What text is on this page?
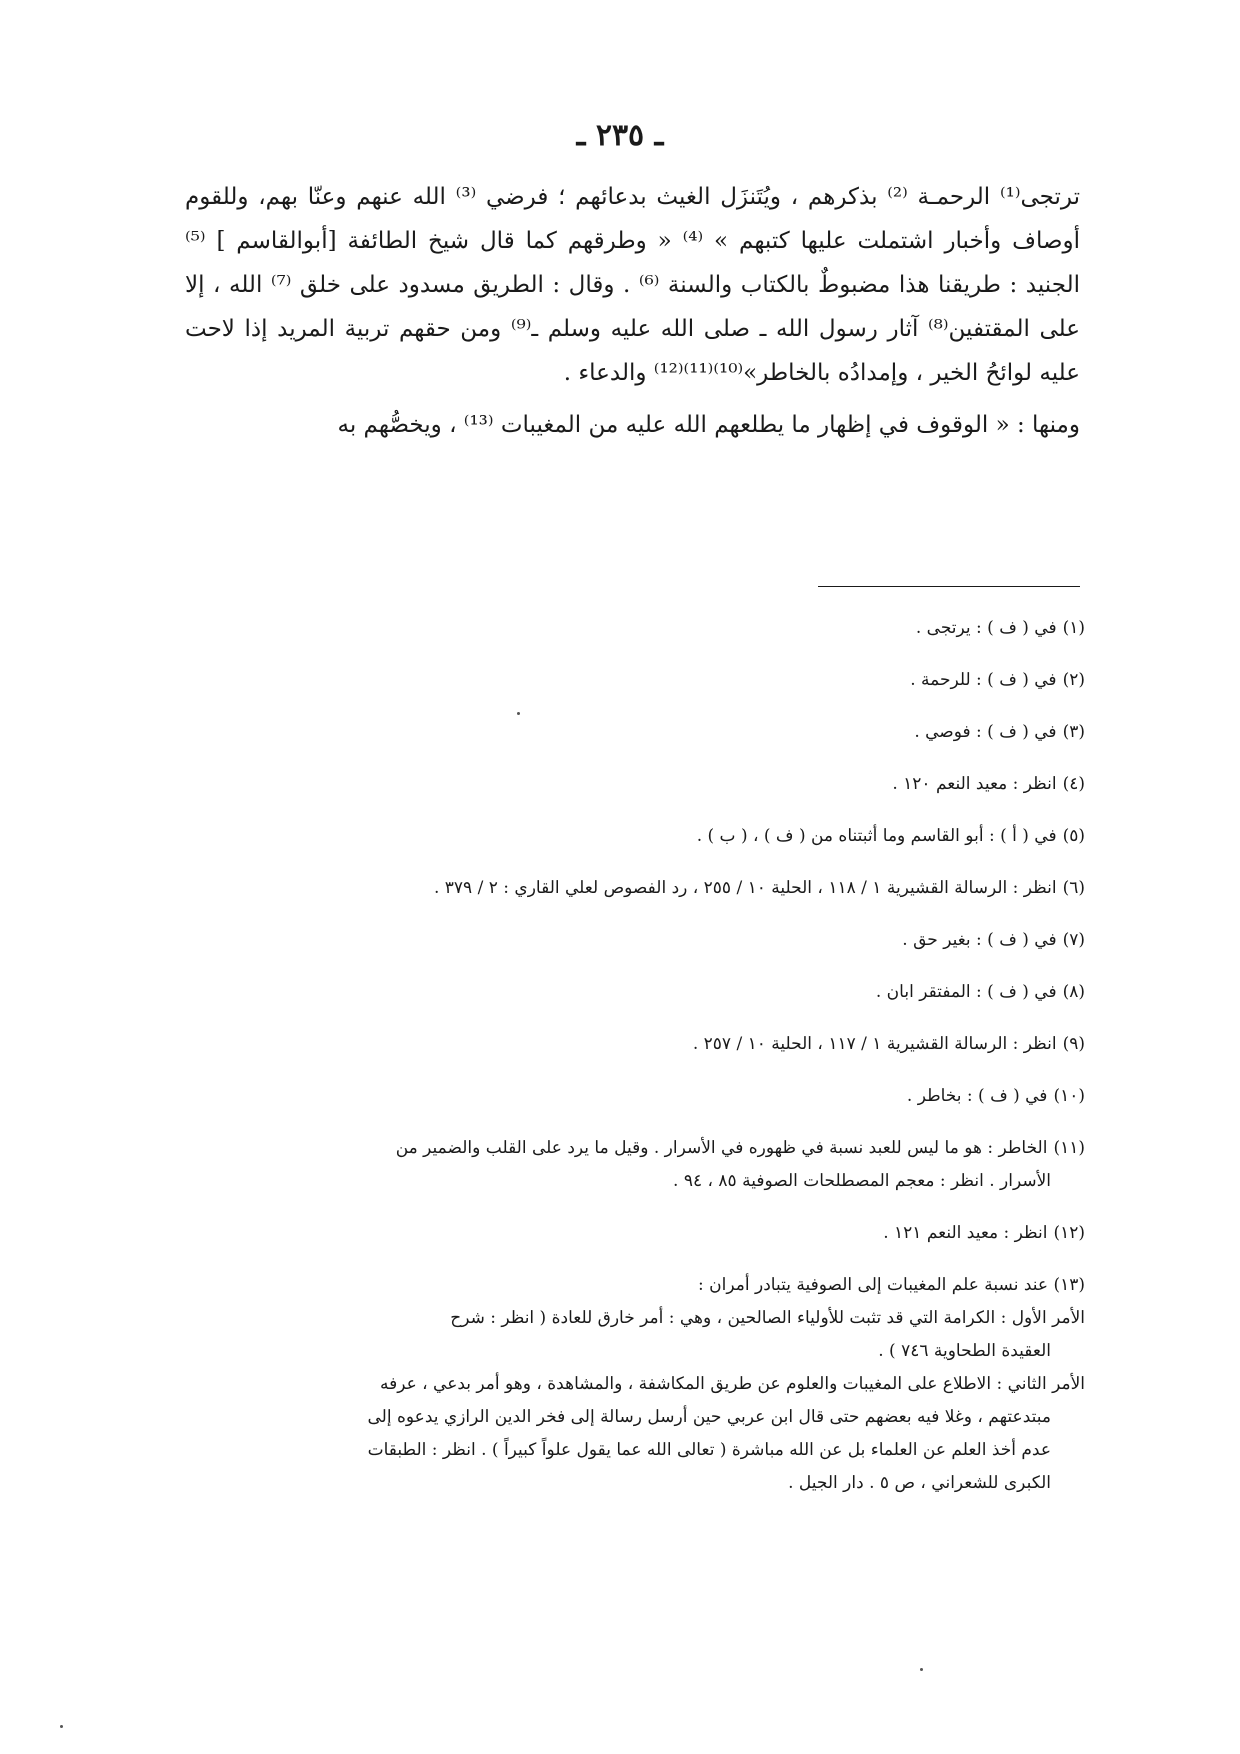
ـ ٢٣٥ ـ

ترتجى⁽¹⁾ الرحمـة ⁽²⁾ بذكرهم ، ويُتَنزَل الغيث بدعائهم ؛ فرضي ⁽³⁾ الله عنهم وعنّا بهم، وللقوم أوصاف وأخبار اشتملت عليها كتبهم » ⁽⁴⁾ « وطرقهم كما قال شيخ الطائفة [أبوالقاسم ] ⁽⁵⁾ الجنيد : طريقنا هذا مضبوطٌ بالكتاب والسنة ⁽⁶⁾ . وقال : الطريق مسدود على خلق ⁽⁷⁾ الله ، إلا على المقتفين⁽⁸⁾ آثار رسول الله ـ صلى الله عليه وسلم ـ⁽⁹⁾ ومن حقهم تربية المريد إذا لاحت عليه لوائحُ الخير ، وإمدادُه بالخاطر»⁽¹⁰⁾⁽¹¹⁾⁽¹²⁾ والدعاء .

ومنها : « الوقوف في إظهار ما يطلعهم الله عليه من المغيبات ⁽¹³⁾ ، ويخصُّهم به

(١)في ( ف ) : يرتجى .
(٢)في ( ف ) : للرحمة .
(٣)في ( ف ) : فوصي .
(٤)انظر : معيد النعم ١٢٠ .
(٥)في ( أ ) : أبو القاسم وما أثبتناه من ( ف ) ، ( ب ) .
(٦)انظر : الرسالة القشيرية ١ / ١١٨ ، الحلية ١٠ / ٢٥٥ ، رد الفصوص لعلي القاري : ٢ / ٣٧٩ .
(٧)في ( ف ) : بغير حق .
(٨)في ( ف ) : المفتقر ابان .
(٩)انظر : الرسالة القشيرية ١ / ١١٧ ، الحلية ١٠ / ٢٥٧ .
(١٠)في ( ف ) : بخاطر .
(١١)الخاطر : هو ما ليس للعبد نسبة في ظهوره في الأسرار . وقيل ما يرد على القلب والضمير من
الأسرار . انظر : معجم المصطلحات الصوفية ٨٥ ، ٩٤ .
(١٢)انظر : معيد النعم ١٢١ .
(١٣) عند نسبة علم المغيبات إلى الصوفية يتبادر أمران :
الأمر الأول : الكرامة التي قد تثبت للأولياء الصالحين ، وهي : أمر خارق للعادة ( انظر : شرح
العقيدة الطحاوية ٧٤٦ ) .
الأمر الثاني : الاطلاع على المغيبات والعلوم عن طريق المكاشفة ، والمشاهدة ، وهو أمر بدعي ، عرفه
مبتدعتهم ، وغلا فيه بعضهم حتى قال ابن عربي حين أرسل رسالة إلى فخر الدين الرازي يدعوه إلى
عدم أخذ العلم عن العلماء بل عن الله مباشرة ( تعالى الله عما يقول علواً كبيراً ) . انظر : الطبقات
الكبرى للشعراني ، ص ٥ . دار الجيل .
